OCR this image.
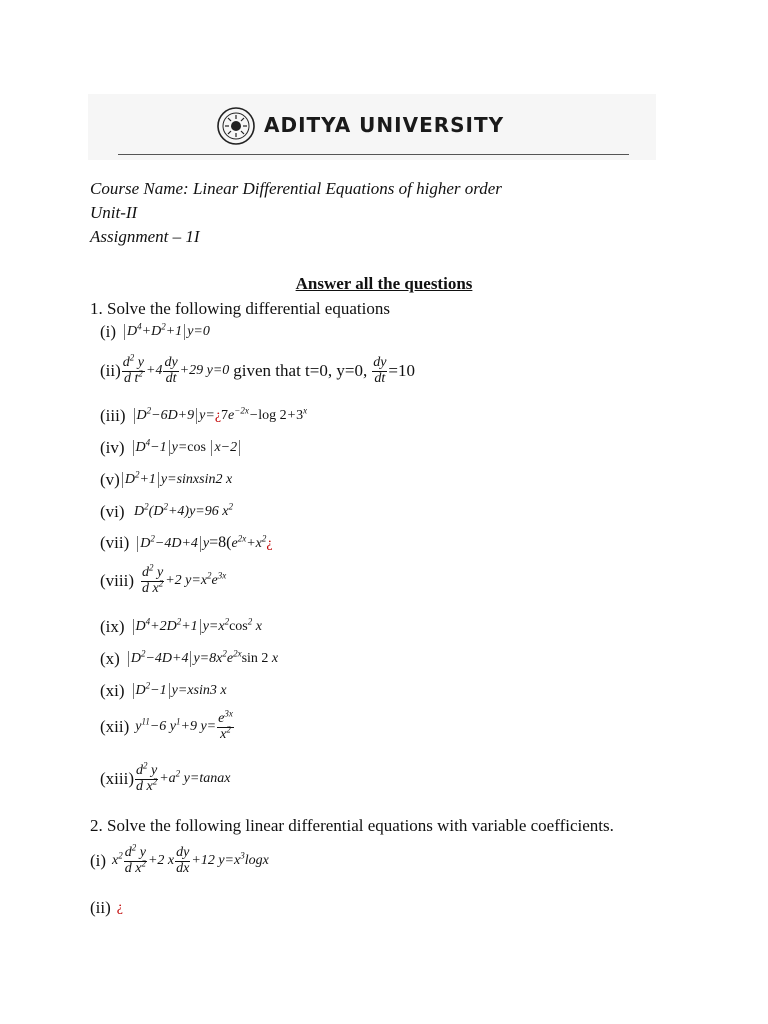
ADITYA UNIVERSITY
Course Name: Linear Differential Equations of higher order
Unit-II
Assignment – 1I
Answer all the questions
1. Solve the following differential equations
(i) $D^4+D^2+1$ y=0
$(ii) \frac{d^2 y}{d t^2} +4 \frac{dy}{dt} +29$ y=0 given that t=0, y=0, $\frac{dy}{dt} =10$
(iii) $D^2-6D+9$ $y=¿7e^{-2x}-\log$ $2+3^x$
(iv) $D^4-1$ y=cos x−2
(v) $D^2+1$ y=sinxsin2 x
(vi) $D^2(D^2+4)y=96$ $x^2$
(vii) $D^2-4D+4$ $y=8(e^{2x}+x^2¿$
(viii) $\frac{d^2 y}{d x^2} +2$ $y=x^2e^{3x}$
(ix) $D^4+2D^2+1$ $y=x^2\cos^2$ x
(x) $D^2-4D+4$ $y=8x^2e^{2x}\sin$ 2 x
(xi) $D^2-1$ y=xsin3 x
(xii) $y^{11}-6$ $y^1+9$ $y= \frac{e^{3x}}{x^2}$
(xiii) $\frac{d^2 y}{d x^2} +a^2$ y=tanax
2. Solve the following linear differential equations with variable coefficients.
(i) $x^2 \frac{d^2 y}{d x^2} +2$ x $\frac{dy}{dx} +12$ $y=x^3\log x$
(ii) ¿
